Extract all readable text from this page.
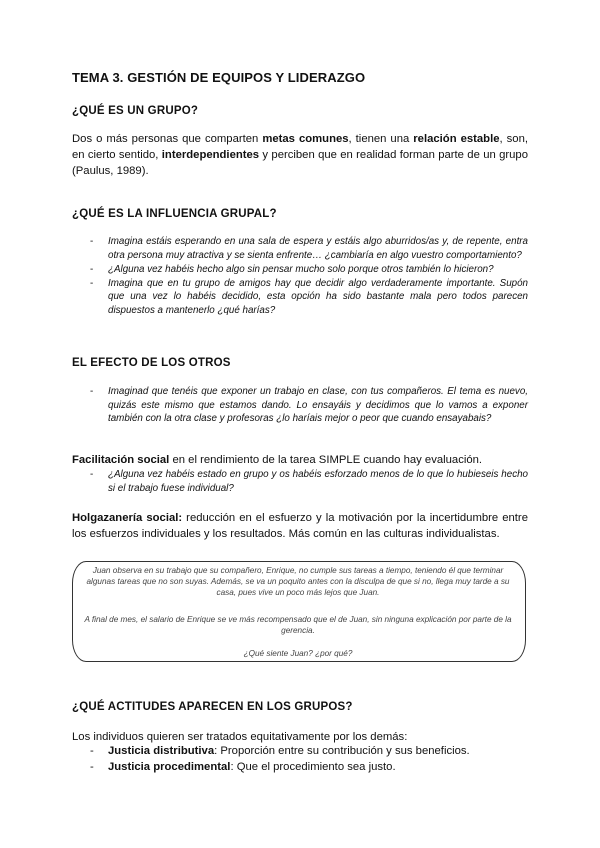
TEMA 3. GESTIÓN DE EQUIPOS Y LIDERAZGO
¿QUÉ ES UN GRUPO?
Dos o más personas que comparten metas comunes, tienen una relación estable, son, en cierto sentido, interdependientes y perciben que en realidad forman parte de un grupo (Paulus, 1989).
¿QUÉ ES LA INFLUENCIA GRUPAL?
- Imagina estáis esperando en una sala de espera y estáis algo aburridos/as y, de repente, entra otra persona muy atractiva y se sienta enfrente… ¿cambiaría en algo vuestro comportamiento?
- ¿Alguna vez habéis hecho algo sin pensar mucho solo porque otros también lo hicieron?
- Imagina que en tu grupo de amigos hay que decidir algo verdaderamente importante. Supón que una vez lo habéis decidido, esta opción ha sido bastante mala pero todos parecen dispuestos a mantenerlo ¿qué harías?
EL EFECTO DE LOS OTROS
- Imaginad que tenéis que exponer un trabajo en clase, con tus compañeros. El tema es nuevo, quizás este mismo que estamos dando. Lo ensayáis y decidimos que lo vamos a exponer también con la otra clase y profesoras ¿lo haríais mejor o peor que cuando ensayabais?
Facilitación social en el rendimiento de la tarea SIMPLE cuando hay evaluación.
- ¿Alguna vez habéis estado en grupo y os habéis esforzado menos de lo que lo hubieseis hecho si el trabajo fuese individual?
Holgazanería social: reducción en el esfuerzo y la motivación por la incertidumbre entre los esfuerzos individuales y los resultados. Más común en las culturas individualistas.
Juan observa en su trabajo que su compañero, Enrique, no cumple sus tareas a tiempo, teniendo él que terminar algunas tareas que no son suyas. Además, se va un poquito antes con la disculpa de que si no, llega muy tarde a su casa, pues vive un poco más lejos que Juan.
A final de mes, el salario de Enrique se ve más recompensado que el de Juan, sin ninguna explicación por parte de la gerencia.
¿Qué siente Juan? ¿por qué?
¿QUÉ ACTITUDES APARECEN EN LOS GRUPOS?
Los individuos quieren ser tratados equitativamente por los demás:
- Justicia distributiva: Proporción entre su contribución y sus beneficios.
- Justicia procedimental: Que el procedimiento sea justo.
